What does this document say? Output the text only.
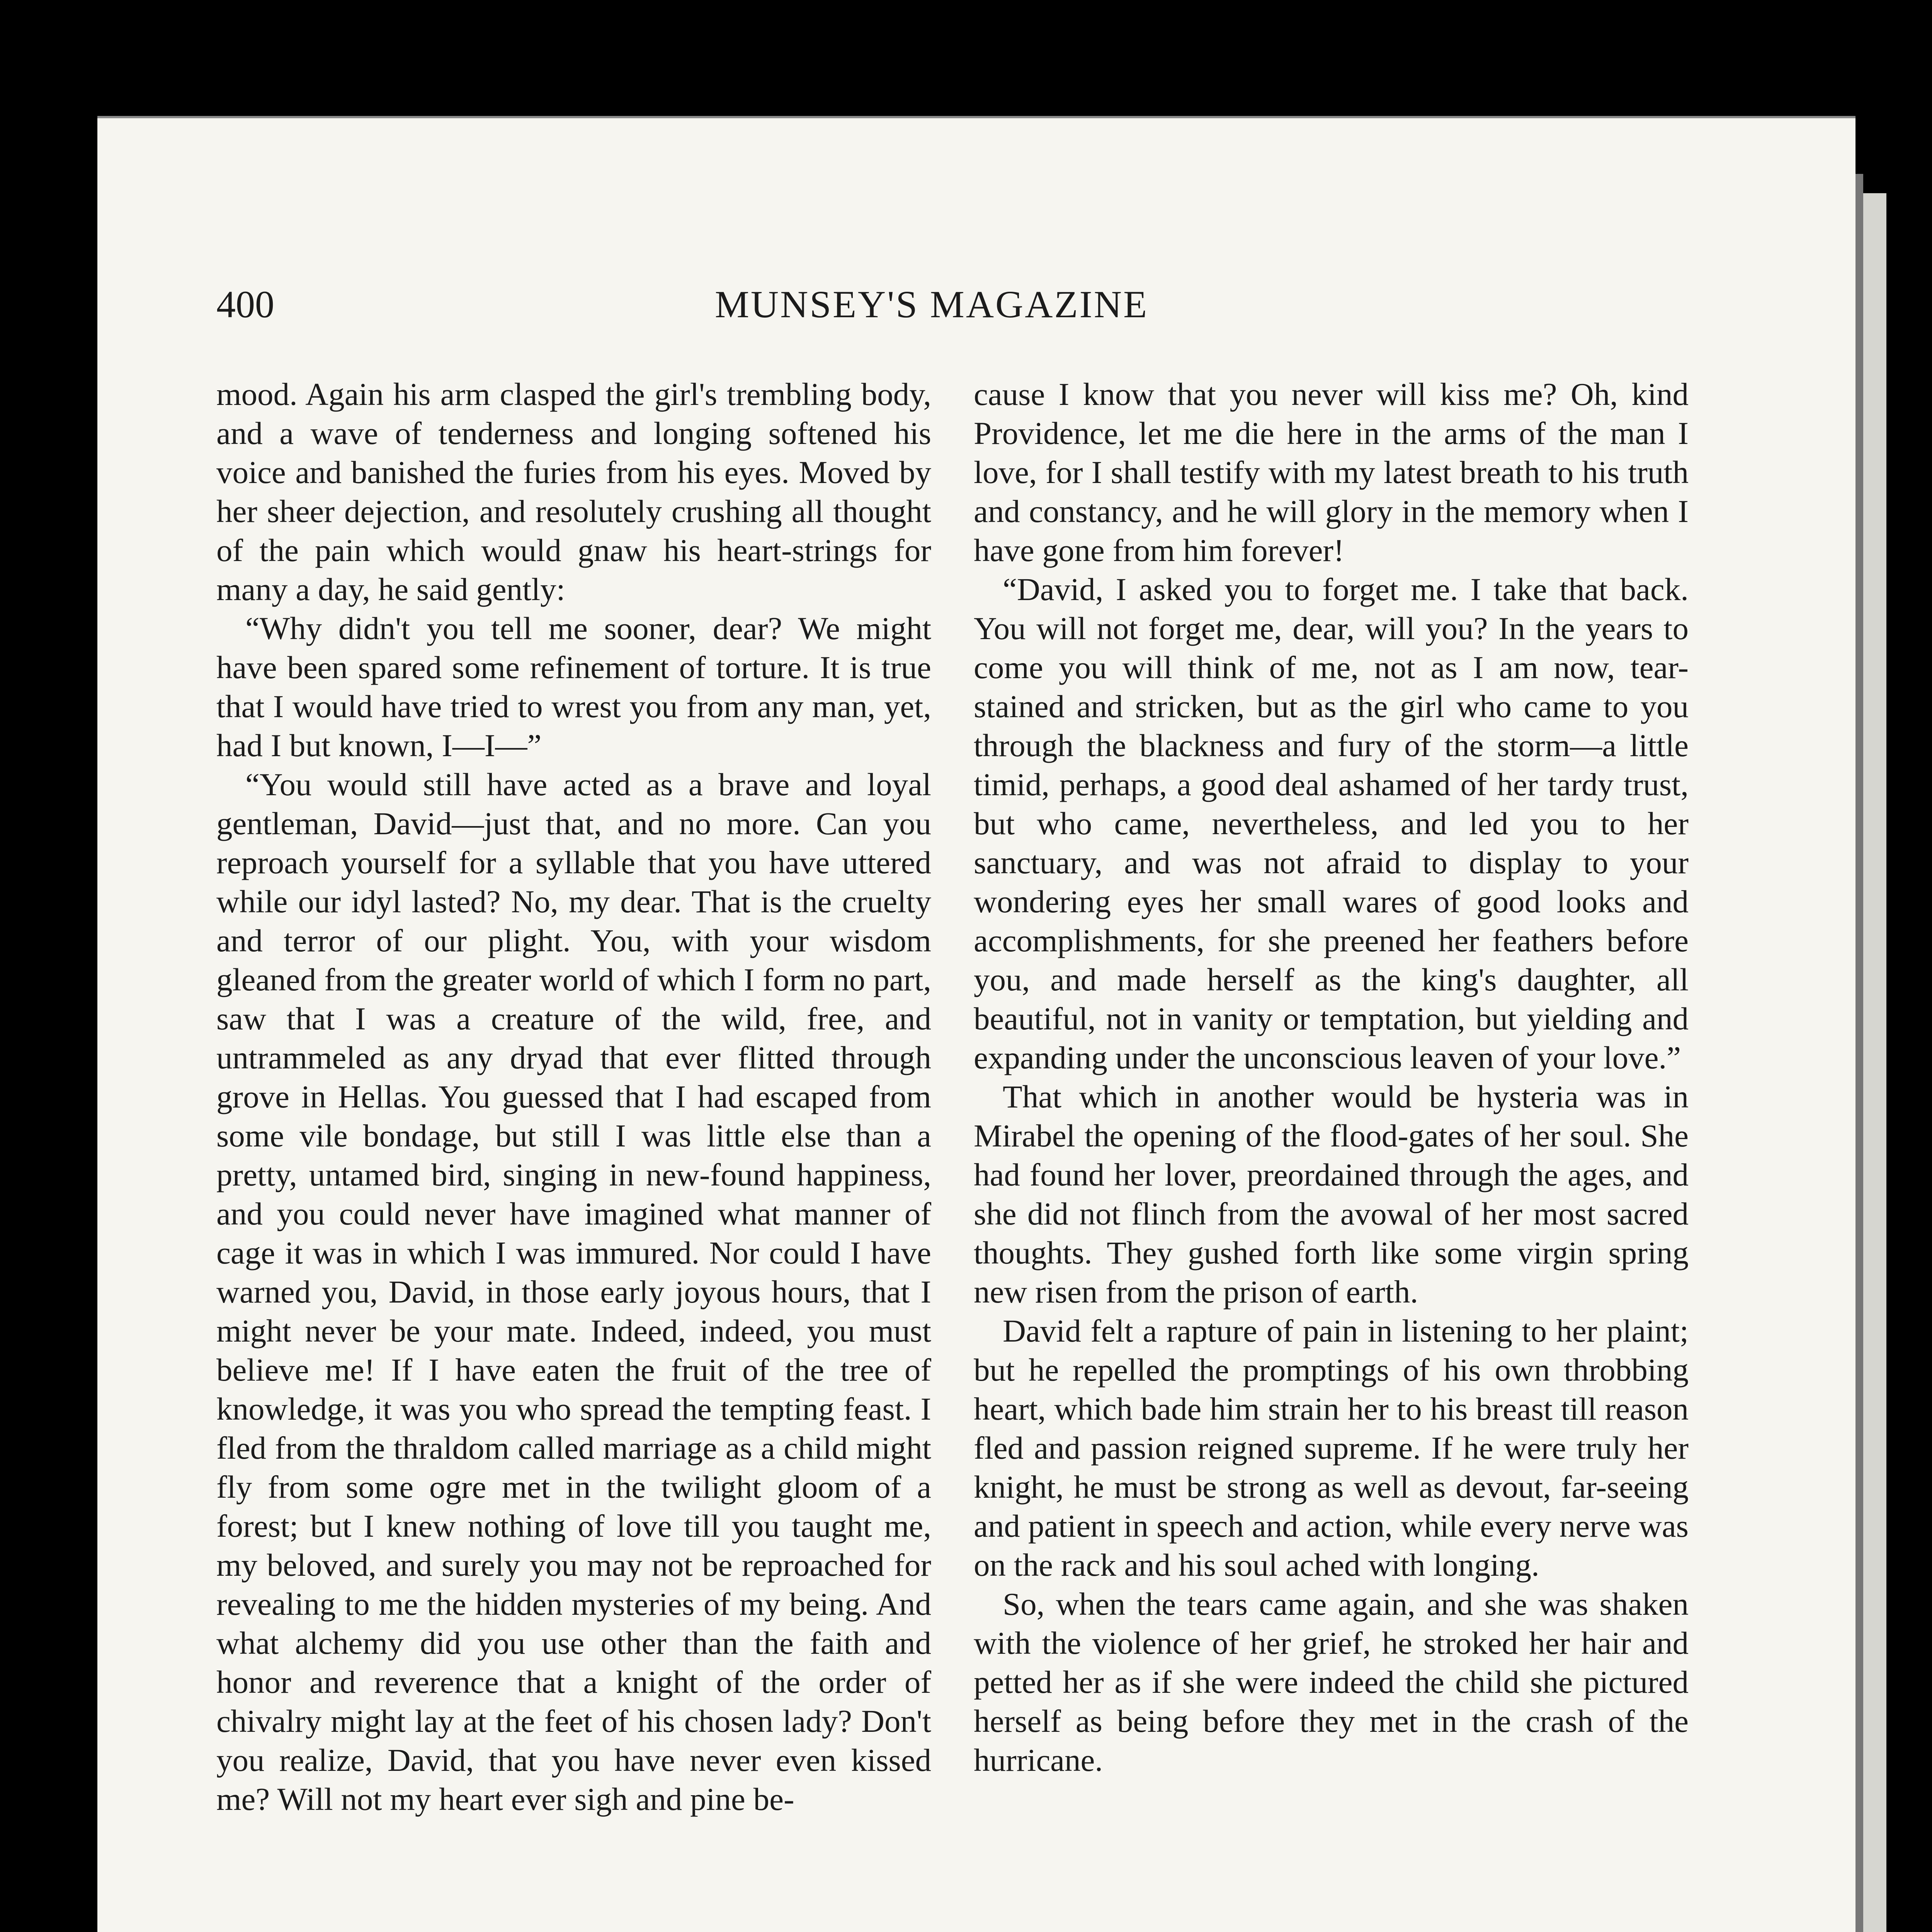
400	MUNSEY'S MAGAZINE

mood. Again his arm clasped the girl's trembling body, and a wave of tenderness and longing softened his voice and banished the furies from his eyes. Moved by her sheer dejection, and resolutely crushing all thought of the pain which would gnaw his heart-strings for many a day, he said gently:

“Why didn't you tell me sooner, dear? We might have been spared some refinement of torture. It is true that I would have tried to wrest you from any man, yet, had I but known, I—I—”

“You would still have acted as a brave and loyal gentleman, David—just that, and no more. Can you reproach yourself for a syllable that you have uttered while our idyl lasted? No, my dear. That is the cruelty and terror of our plight. You, with your wisdom gleaned from the greater world of which I form no part, saw that I was a creature of the wild, free, and untrammeled as any dryad that ever flitted through grove in Hellas. You guessed that I had escaped from some vile bondage, but still I was little else than a pretty, untamed bird, singing in new-found happiness, and you could never have imagined what manner of cage it was in which I was immured. Nor could I have warned you, David, in those early joyous hours, that I might never be your mate. Indeed, indeed, you must believe me! If I have eaten the fruit of the tree of knowledge, it was you who spread the tempting feast. I fled from the thraldom called marriage as a child might fly from some ogre met in the twilight gloom of a forest; but I knew nothing of love till you taught me, my beloved, and surely you may not be reproached for revealing to me the hidden mysteries of my being. And what alchemy did you use other than the faith and honor and reverence that a knight of the order of chivalry might lay at the feet of his chosen lady? Don't you realize, David, that you have never even kissed me? Will not my heart ever sigh and pine be-

cause I know that you never will kiss me? Oh, kind Providence, let me die here in the arms of the man I love, for I shall testify with my latest breath to his truth and constancy, and he will glory in the memory when I have gone from him forever!

“David, I asked you to forget me. I take that back. You will not forget me, dear, will you? In the years to come you will think of me, not as I am now, tear-stained and stricken, but as the girl who came to you through the blackness and fury of the storm—a little timid, perhaps, a good deal ashamed of her tardy trust, but who came, nevertheless, and led you to her sanctuary, and was not afraid to display to your wondering eyes her small wares of good looks and accomplishments, for she preened her feathers before you, and made herself as the king's daughter, all beautiful, not in vanity or temptation, but yielding and expanding under the unconscious leaven of your love.”

That which in another would be hysteria was in Mirabel the opening of the flood-gates of her soul. She had found her lover, preordained through the ages, and she did not flinch from the avowal of her most sacred thoughts. They gushed forth like some virgin spring new risen from the prison of earth.

David felt a rapture of pain in listening to her plaint; but he repelled the promptings of his own throbbing heart, which bade him strain her to his breast till reason fled and passion reigned supreme. If he were truly her knight, he must be strong as well as devout, far-seeing and patient in speech and action, while every nerve was on the rack and his soul ached with longing.

So, when the tears came again, and she was shaken with the violence of her grief, he stroked her hair and petted her as if she were indeed the child she pictured herself as being before they met in the crash of the hurricane.
